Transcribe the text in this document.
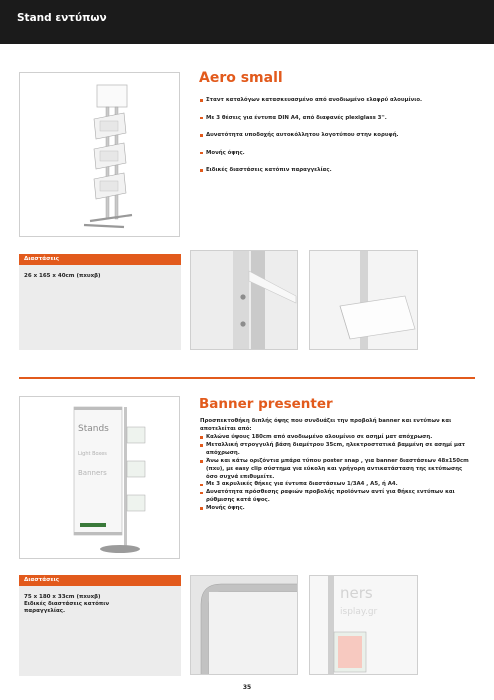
Stand εντύπων
Aero small
Σταντ καταλόγων κατασκευασμένο από ανοδιωμένο ελαφρύ αλουμίνιο.
Με 3 θέσεις για έντυπα DIN A4, από διαφανές plexiglass 3''.
Δυνατότητα υποδοχής αυτοκόλλητου λογοτύπου στην κορυφή.
Μονής όψης.
Ειδικές διαστάσεις κατόπιν παραγγελίας.
Διαστάσεις
26 x 165 x 40cm (πxυxβ)
Stands
Light Boxes
Banners
Banner presenter
Προσπεκτοθήκη διπλής όψης που συνδυάζει την προβολή banner και εντύπων και αποτελείται από:
Καλώνα ύψους 180cm από ανοδιωμένο αλουμίνιο σε ασημί ματ απόχρωση.
Μεταλλική στρογγυλή βάση διαμέτρου 35cm, ηλεκτροστατικά βαμμένη σε ασημί ματ απόχρωση.
Άνω και κάτω οριζόντια μπάρα τύπου poster snap , για banner διαστάσεων 48x150cm (πxυ), με easy clip σύστημα για εύκολη και γρήγορη αντικατάσταση της εκτύπωσης όσο συχνά επιθυμείτε.
Με 3 ακρυλικές θήκες για έντυπα διαστάσεων 1/3A4 , A5, ή A4.
Δυνατότητα πρόσθεσης ραφιών προβολής προϊόντων αντί για θήκες εντύπων και ρύθμισης κατά ύψος.
Μονής όψης.
Διαστάσεις
75 x 180 x 33cm (πxυxβ)
Ειδικές διαστάσεις κατόπιν
παραγγελίας.
ners
isplay.gr
35
